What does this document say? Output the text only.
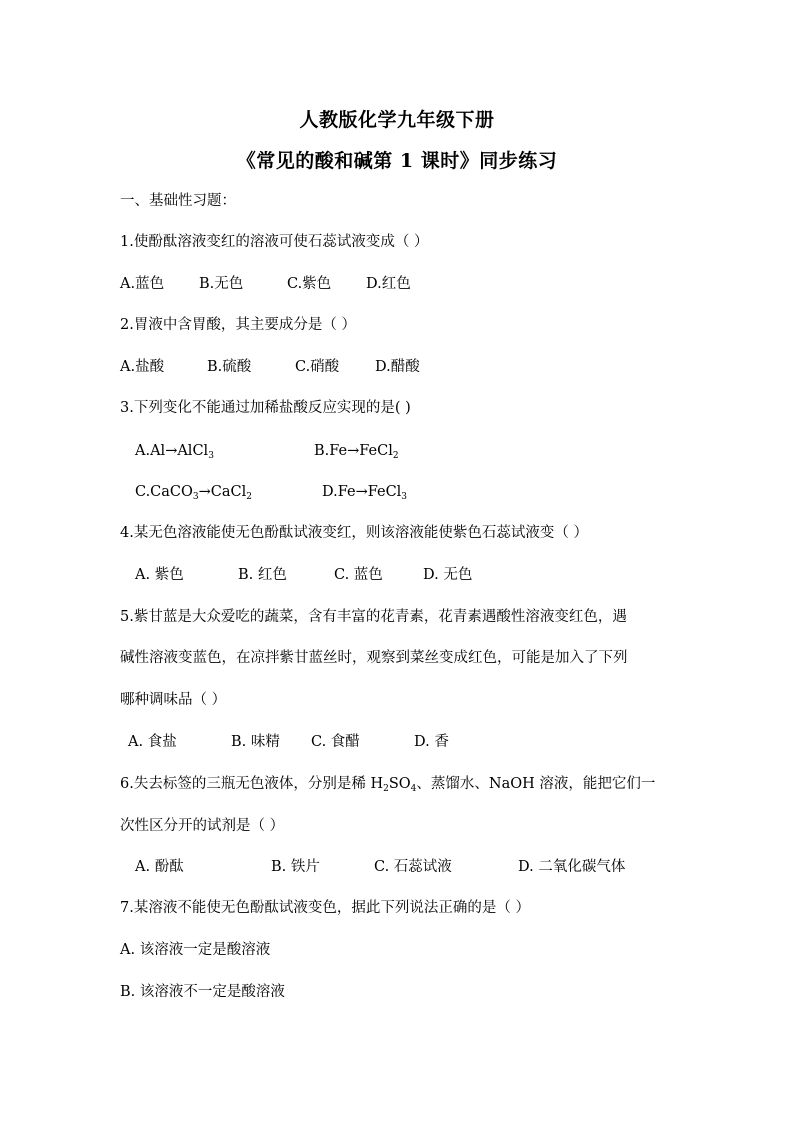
人教版化学九年级下册
《常见的酸和碱第 1 课时》同步练习
一、基础性习题：
1.使酚酞溶液变红的溶液可使石蕊试液变成（ ）
A.蓝色 B.无色	C.紫色 D.红色
2.胃液中含胃酸，其主要成分是（ ）
A.盐酸	B.硫酸	C.硝酸 D.醋酸
3.下列变化不能通过加稀盐酸反应实现的是( )
A.Al→AlCl$_3$	B.Fe→FeCl$_2$
C.CaCO$_3$→CaCl$_2$	D.Fe→FeCl$_3$
4.某无色溶液能使无色酚酞试液变红，则该溶液能使紫色石蕊试液变（ ）
A. 紫色	B. 红色	C. 蓝色	D. 无色
5.紫甘蓝是大众爱吃的蔬菜，含有丰富的花青素，花青素遇酸性溶液变红色，遇
碱性溶液变蓝色，在凉拌紫甘蓝丝时，观察到菜丝变成红色，可能是加入了下列
哪种调味品（ ）
A. 食盐	B. 味精 C. 食醋	D. 香
6.失去标签的三瓶无色液体，分别是稀 $H_2SO_4$、蒸馏水、NaOH 溶液，能把它们一
次性区分开的试剂是（ ）
A. 酚酞	B. 铁片	C. 石蕊试液	D. 二氧化碳气体
7.某溶液不能使无色酚酞试液变色，据此下列说法正确的是（ ）
A. 该溶液一定是酸溶液
B. 该溶液不一定是酸溶液
